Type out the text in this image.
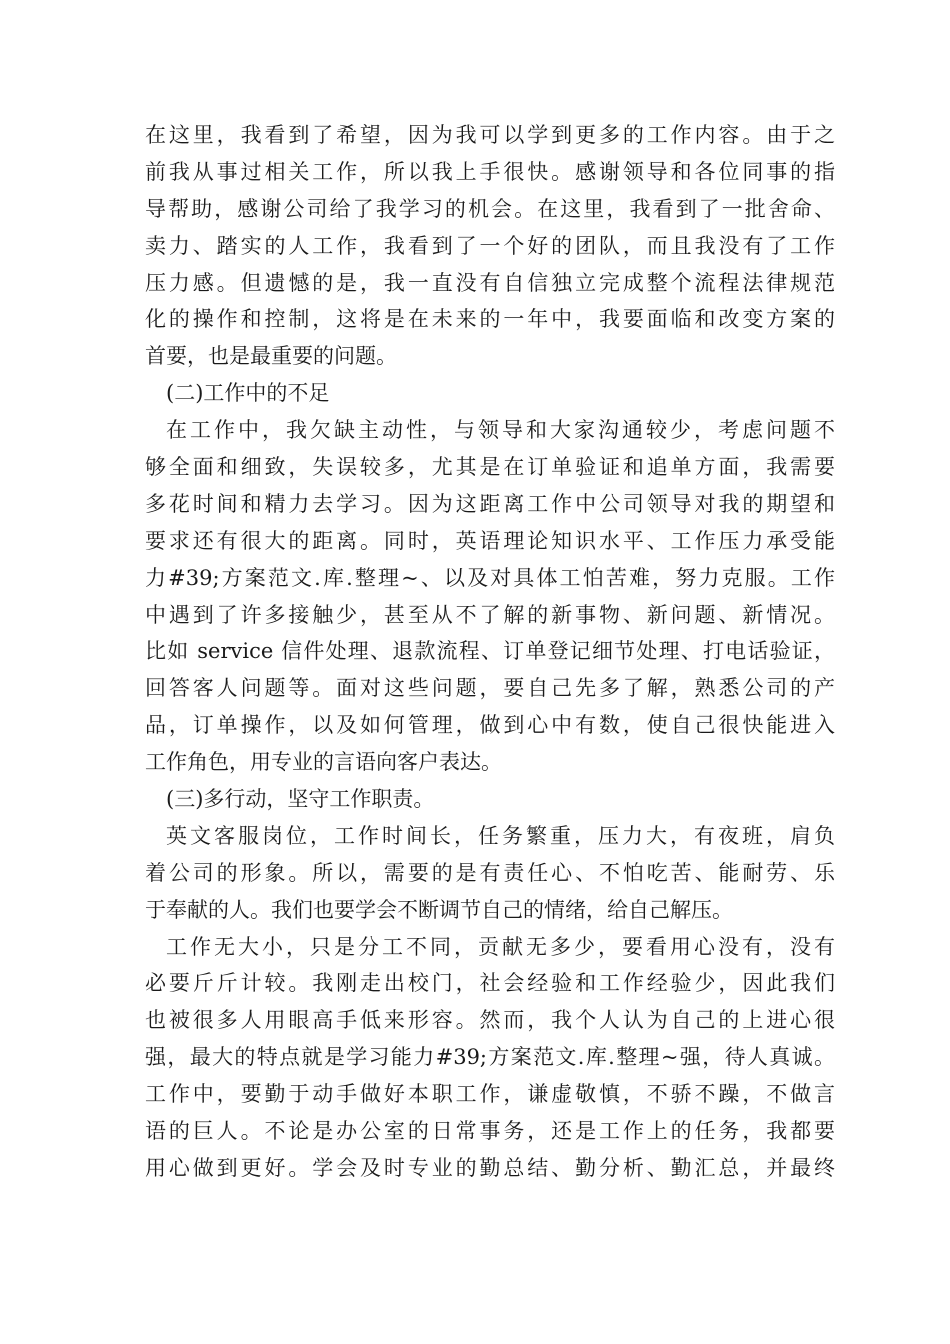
在这里，我看到了希望，因为我可以学到更多的工作内容。由于之
前我从事过相关工作，所以我上手很快。感谢领导和各位同事的指
导帮助，感谢公司给了我学习的机会。在这里，我看到了一批舍命、
卖力、踏实的人工作，我看到了一个好的团队，而且我没有了工作
压力感。但遗憾的是，我一直没有自信独立完成整个流程法律规范
化的操作和控制，这将是在未来的一年中，我要面临和改变方案的
首要，也是最重要的问题。
(二)工作中的不足
在工作中，我欠缺主动性，与领导和大家沟通较少，考虑问题不
够全面和细致，失误较多，尤其是在订单验证和追单方面，我需要
多花时间和精力去学习。因为这距离工作中公司领导对我的期望和
要求还有很大的距离。同时，英语理论知识水平、工作压力承受能
力#39;方案范文.库.整理~、以及对具体工怕苦难，努力克服。工作
中遇到了许多接触少，甚至从不了解的新事物、新问题、新情况。
比如 service 信件处理、退款流程、订单登记细节处理、打电话验证，
回答客人问题等。面对这些问题，要自己先多了解，熟悉公司的产
品，订单操作，以及如何管理，做到心中有数，使自己很快能进入
工作角色，用专业的言语向客户表达。
(三)多行动，坚守工作职责。
英文客服岗位，工作时间长，任务繁重，压力大，有夜班，肩负
着公司的形象。所以，需要的是有责任心、不怕吃苦、能耐劳、乐
于奉献的人。我们也要学会不断调节自己的情绪，给自己解压。
工作无大小，只是分工不同，贡献无多少，要看用心没有，没有
必要斤斤计较。我刚走出校门，社会经验和工作经验少，因此我们
也被很多人用眼高手低来形容。然而，我个人认为自己的上进心很
强，最大的特点就是学习能力#39;方案范文.库.整理~强，待人真诚。
工作中，要勤于动手做好本职工作，谦虚敬慎，不骄不躁，不做言
语的巨人。不论是办公室的日常事务，还是工作上的任务，我都要
用心做到更好。学会及时专业的勤总结、勤分析、勤汇总，并最终
